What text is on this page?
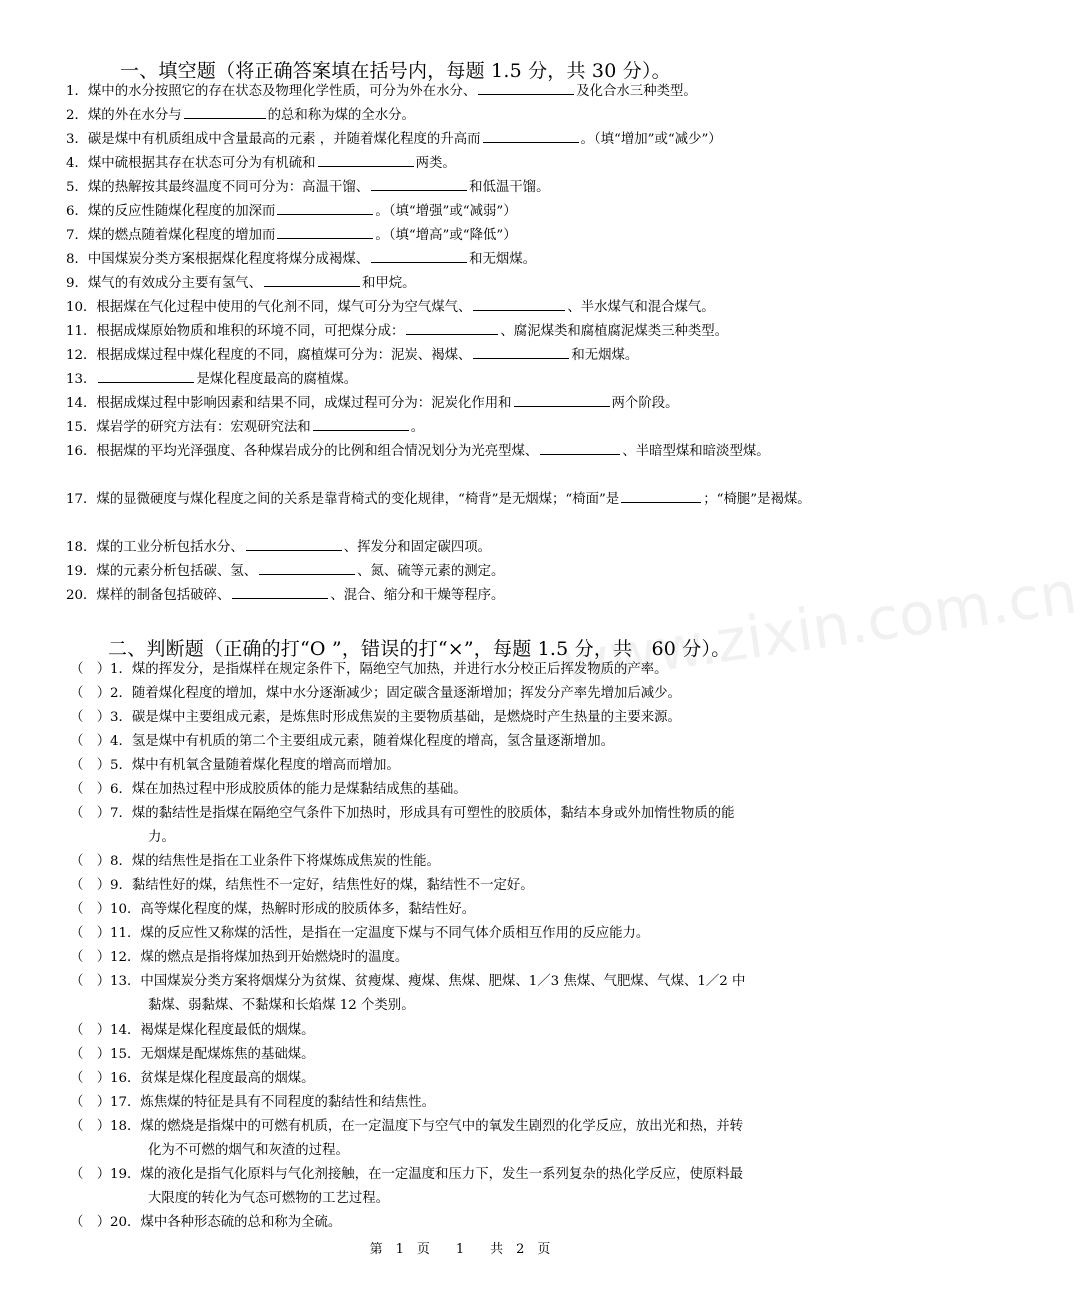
www.zixin.com.cn
一、填空题（将正确答案填在括号内，每题 1.5 分，共 30 分）。
1．煤中的水分按照它的存在状态及物理化学性质，可分为外在水分、	及化合水三种类型。
2．煤的外在水分与	的总和称为煤的全水分。
3．碳是煤中有机质组成中含量最高的元素 ，并随着煤化程度的升高而	。（填“增加”或“减少”）
4．煤中硫根据其存在状态可分为有机硫和	两类。
5．煤的热解按其最终温度不同可分为：高温干馏、	和低温干馏。
6．煤的反应性随煤化程度的加深而	。（填“增强”或“减弱”）
7．煤的燃点随着煤化程度的增加而	。（填“增高”或“降低”）
8．中国煤炭分类方案根据煤化程度将煤分成褐煤、	和无烟煤。
9．煤气的有效成分主要有氢气、	和甲烷。
10．根据煤在气化过程中使用的气化剂不同，煤气可分为空气煤气、	、半水煤气和混合煤气。
11．根据成煤原始物质和堆积的环境不同，可把煤分成：	、腐泥煤类和腐植腐泥煤类三种类型。
12．根据成煤过程中煤化程度的不同，腐植煤可分为：泥炭、褐煤、	和无烟煤。
13．	是煤化程度最高的腐植煤。
14．根据成煤过程中影响因素和结果不同，成煤过程可分为：泥炭化作用和	两个阶段。
15．煤岩学的研究方法有：宏观研究法和	。
16．根据煤的平均光泽强度、各种煤岩成分的比例和组合情况划分为光亮型煤、	、半暗型煤和暗淡型煤。
17．煤的显微硬度与煤化程度之间的关系是靠背椅式的变化规律，“椅背”是无烟煤；“椅面”是	；“椅腿”是褐煤。
18．煤的工业分析包括水分、	、挥发分和固定碳四项。
19．煤的元素分析包括碳、氢、	、氮、硫等元素的测定。
20．煤样的制备包括破碎、	、混合、缩分和干燥等程序。
二、判断题（正确的打“O ”，错误的打“×”，每题 1.5 分，共　60 分）。
（　） 1．煤的挥发分，是指煤样在规定条件下，隔绝空气加热，并进行水分校正后挥发物质的产率。
（　） 2．随着煤化程度的增加，煤中水分逐渐减少；固定碳含量逐渐增加；挥发分产率先增加后减少。
（　） 3．碳是煤中主要组成元素，是炼焦时形成焦炭的主要物质基础，是燃烧时产生热量的主要来源。
（　） 4．氢是煤中有机质的第二个主要组成元素，随着煤化程度的增高，氢含量逐渐增加。
（　） 5．煤中有机氧含量随着煤化程度的增高而增加。
（　） 6．煤在加热过程中形成胶质体的能力是煤黏结成焦的基础。
（　） 7．煤的黏结性是指煤在隔绝空气条件下加热时，形成具有可塑性的胶质体，黏结本身或外加惰性物质的能
力。
（　） 8．煤的结焦性是指在工业条件下将煤炼成焦炭的性能。
（　） 9．黏结性好的煤，结焦性不一定好，结焦性好的煤，黏结性不一定好。
（　） 10．高等煤化程度的煤，热解时形成的胶质体多，黏结性好。
（　） 11．煤的反应性又称煤的活性，是指在一定温度下煤与不同气体介质相互作用的反应能力。
（　） 12．煤的燃点是指将煤加热到开始燃烧时的温度。
（　） 13．中国煤炭分类方案将烟煤分为贫煤、贫瘦煤、瘦煤、焦煤、肥煤、1／3 焦煤、气肥煤、气煤、1／2 中
黏煤、弱黏煤、不黏煤和长焰煤 12 个类别。
（　） 14．褐煤是煤化程度最低的烟煤。
（　） 15．无烟煤是配煤炼焦的基础煤。
（　） 16．贫煤是煤化程度最高的烟煤。
（　） 17．炼焦煤的特征是具有不同程度的黏结性和结焦性。
（　） 18．煤的燃烧是指煤中的可燃有机质，在一定温度下与空气中的氧发生剧烈的化学反应，放出光和热，并转
化为不可燃的烟气和灰渣的过程。
（　） 19．煤的液化是指气化原料与气化剂接触，在一定温度和压力下，发生一系列复杂的热化学反应，使原料最
大限度的转化为气态可燃物的工艺过程。
（　） 20．煤中各种形态硫的总和称为全硫。
第　1　页　　1　　共　2　页
